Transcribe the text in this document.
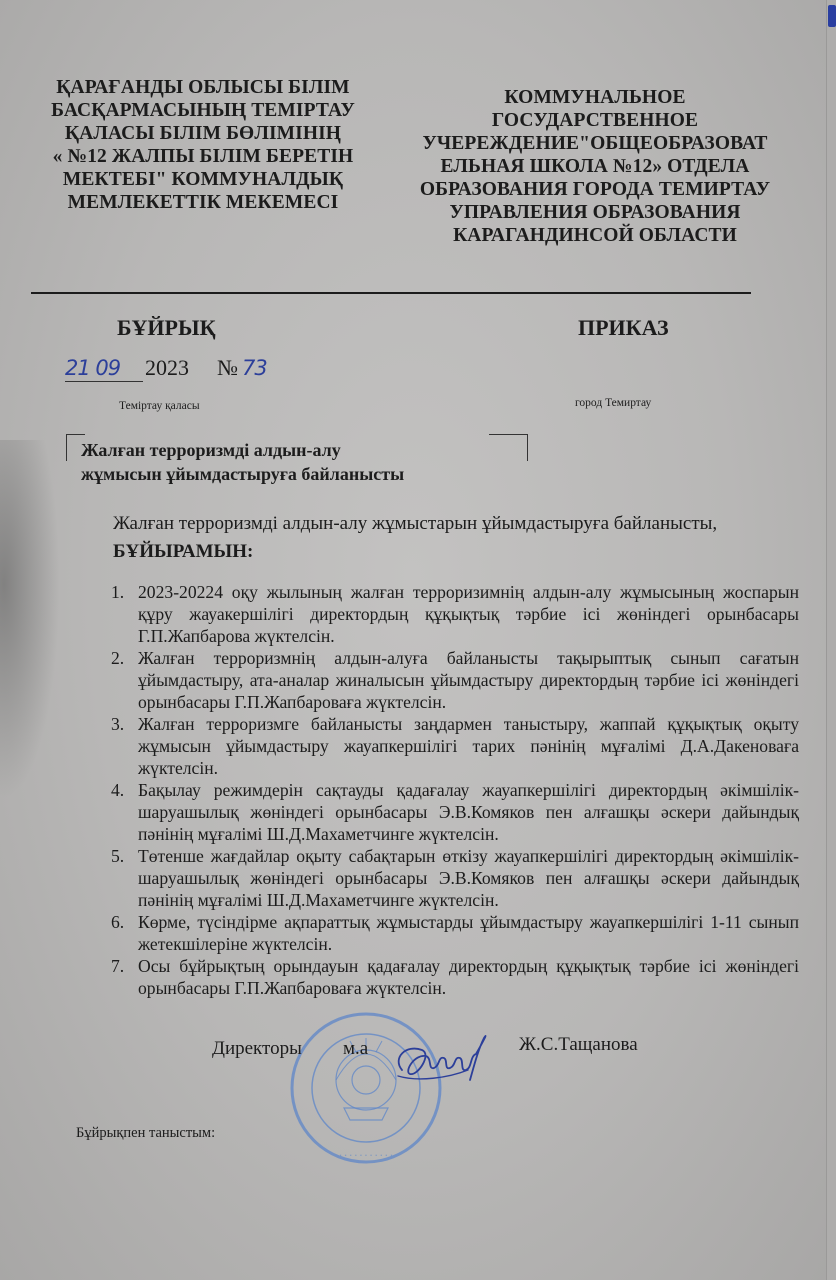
ҚАРАҒАНДЫ ОБЛЫСЫ БІЛІМ
БАСҚАРМАСЫНЫҢ ТЕМІРТАУ
ҚАЛАСЫ БІЛІМ БӨЛІМІНІҢ
« №12 ЖАЛПЫ БІЛІМ БЕРЕТІН
МЕКТЕБІ" КОММУНАЛДЫҚ
МЕМЛЕКЕТТІК МЕКЕМЕСІ
КОММУНАЛЬНОЕ
ГОСУДАРСТВЕННОЕ
УЧЕРЕЖДЕНИЕ"ОБЩЕОБРАЗОВАТ
ЕЛЬНАЯ ШКОЛА №12» ОТДЕЛА
ОБРАЗОВАНИЯ ГОРОДА ТЕМИРТАУ
УПРАВЛЕНИЯ ОБРАЗОВАНИЯ
КАРАГАНДИНСОЙ ОБЛАСТИ
БҰЙРЫҚ	ПРИКАЗ
21 09	2023 № 73
Теміртау қаласы	город Темиртау
Жалған терроризмді алдын-алу
жұмысын ұйымдастыруға байланысты
Жалған терроризмді алдын-алу жұмыстарын ұйымдастыруға байланысты,
БҰЙЫРАМЫН:
1. 2023-20224 оқу жылының жалған терроризимнің алдын-алу жұмысының жоспарын құру жауакершілігі директордың құқықтық тәрбие ісі жөніндегі орынбасары Г.П.Жапбарова жүктелсін.
2. Жалған терроризмнің алдын-алуға байланысты тақырыптық сынып сағатын ұйымдастыру, ата-аналар жиналысын ұйымдастыру директордың тәрбие ісі жөніндегі орынбасары Г.П.Жапбароваға жүктелсін.
3. Жалған терроризмге байланысты заңдармен таныстыру, жаппай құқықтық оқыту жұмысын ұйымдастыру жауапкершілігі тарих пәнінің мұғалімі Д.А.Дакеноваға жүктелсін.
4. Бақылау режимдерін сақтауды қадағалау жауапкершілігі директордың әкімшілік-шаруашылық жөніндегі орынбасары Э.В.Комяков пен алғашқы әскери дайындық пәнінің мұғалімі Ш.Д.Махаметчинге жүктелсін.
5. Төтенше жағдайлар оқыту сабақтарын өткізу жауапкершілігі директордың әкімшілік-шаруашылық жөніндегі орынбасары Э.В.Комяков пен алғашқы әскери дайындық пәнінің мұғалімі Ш.Д.Махаметчинге жүктелсін.
6. Көрме, түсіндірме ақпараттық жұмыстарды ұйымдастыру жауапкершілігі 1-11 сынып жетекшілеріне жүктелсін.
7. Осы бұйрықтың орындауын қадағалау директордың құқықтық тәрбие ісі жөніндегі орынбасары Г.П.Жапбароваға жүктелсін.
· · · · · · · · · · ·
Директоры м.а	Ж.С.Тащанова
Бұйрықпен таныстым:
